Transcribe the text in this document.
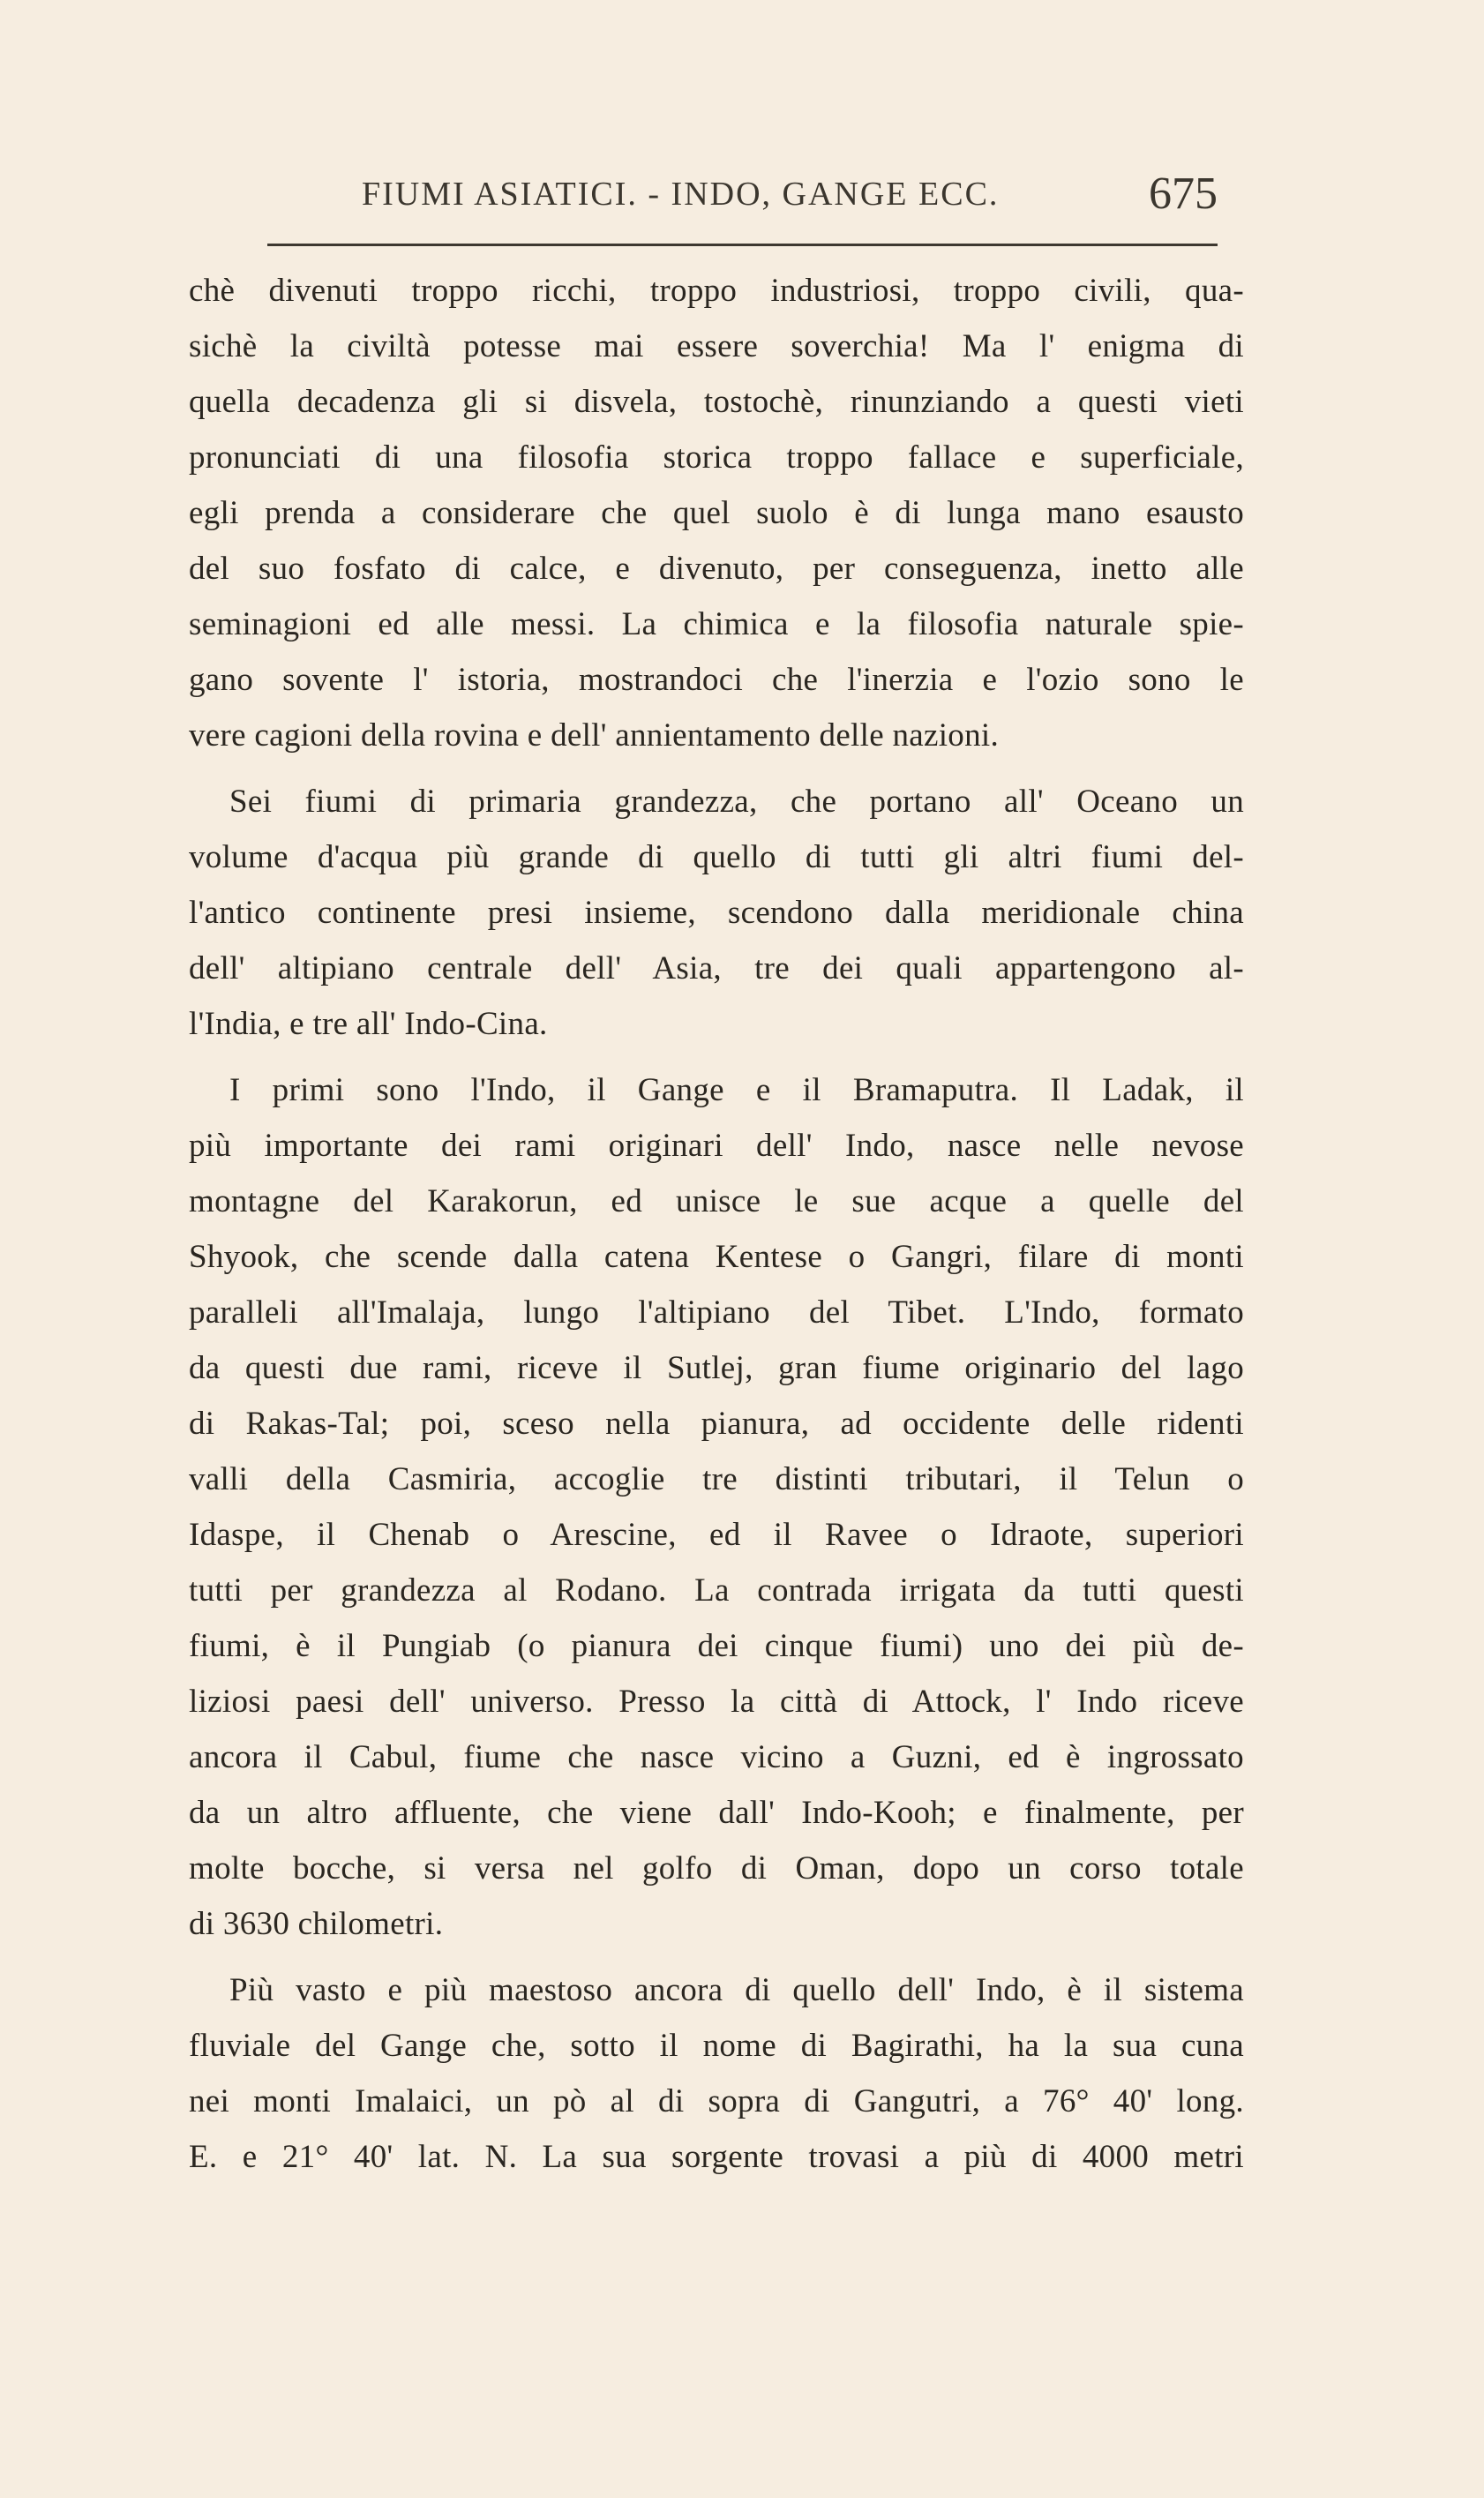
FIUMI ASIATICI. - INDO, GANGE ECC.	675
chè divenuti troppo ricchi, troppo industriosi, troppo civili, qua-
sichè la civiltà potesse mai essere soverchia! Ma l' enigma di
quella decadenza gli si disvela, tostochè, rinunziando a questi vieti
pronunciati di una filosofia storica troppo fallace e superficiale,
egli prenda a considerare che quel suolo è di lunga mano esausto
del suo fosfato di calce, e divenuto, per conseguenza, inetto alle
seminagioni ed alle messi. La chimica e la filosofia naturale spie-
gano sovente l' istoria, mostrandoci che l'inerzia e l'ozio sono le
vere cagioni della rovina e dell' annientamento delle nazioni.
Sei fiumi di primaria grandezza, che portano all' Oceano un
volume d'acqua più grande di quello di tutti gli altri fiumi del-
l'antico continente presi insieme, scendono dalla meridionale china
dell' altipiano centrale dell' Asia, tre dei quali appartengono al-
l'India, e tre all' Indo-Cina.
I primi sono l'Indo, il Gange e il Bramaputra. Il Ladak, il
più importante dei rami originari dell' Indo, nasce nelle nevose
montagne del Karakorun, ed unisce le sue acque a quelle del
Shyook, che scende dalla catena Kentese o Gangri, filare di monti
paralleli all'Imalaja, lungo l'altipiano del Tibet. L'Indo, formato
da questi due rami, riceve il Sutlej, gran fiume originario del lago
di Rakas-Tal; poi, sceso nella pianura, ad occidente delle ridenti
valli della Casmiria, accoglie tre distinti tributari, il Telun o
Idaspe, il Chenab o Arescine, ed il Ravee o Idraote, superiori
tutti per grandezza al Rodano. La contrada irrigata da tutti questi
fiumi, è il Pungiab (o pianura dei cinque fiumi) uno dei più de-
liziosi paesi dell' universo. Presso la città di Attock, l' Indo riceve
ancora il Cabul, fiume che nasce vicino a Guzni, ed è ingrossato
da un altro affluente, che viene dall' Indo-Kooh; e finalmente, per
molte bocche, si versa nel golfo di Oman, dopo un corso totale
di 3630 chilometri.
Più vasto e più maestoso ancora di quello dell' Indo, è il sistema
fluviale del Gange che, sotto il nome di Bagirathi, ha la sua cuna
nei monti Imalaici, un pò al di sopra di Gangutri, a 76° 40' long.
E. e 21° 40' lat. N. La sua sorgente trovasi a più di 4000 metri
